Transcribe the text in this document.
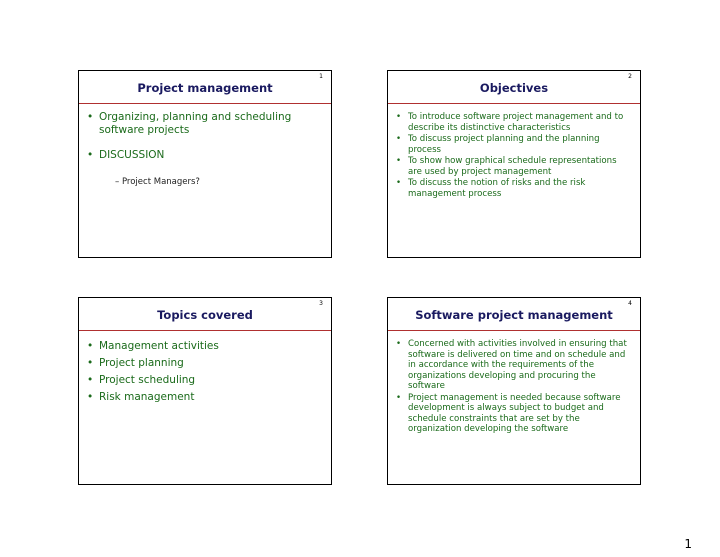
1
Project management
• Organizing, planning and scheduling software projects
• DISCUSSION
– Project Managers?
2
Objectives
• To introduce software project management and to describe its distinctive characteristics
• To discuss project planning and the planning process
• To show how graphical schedule representations are used by project management
• To discuss the notion of risks and the risk management process
3
Topics covered
• Management activities
• Project planning
• Project scheduling
• Risk management
4
Software project management
• Concerned with activities involved in ensuring that software is delivered on time and on schedule and in accordance with the requirements of the organizations developing and procuring the software
• Project management is needed because software development is always subject to budget and schedule constraints that are set by the organization developing the software
1
